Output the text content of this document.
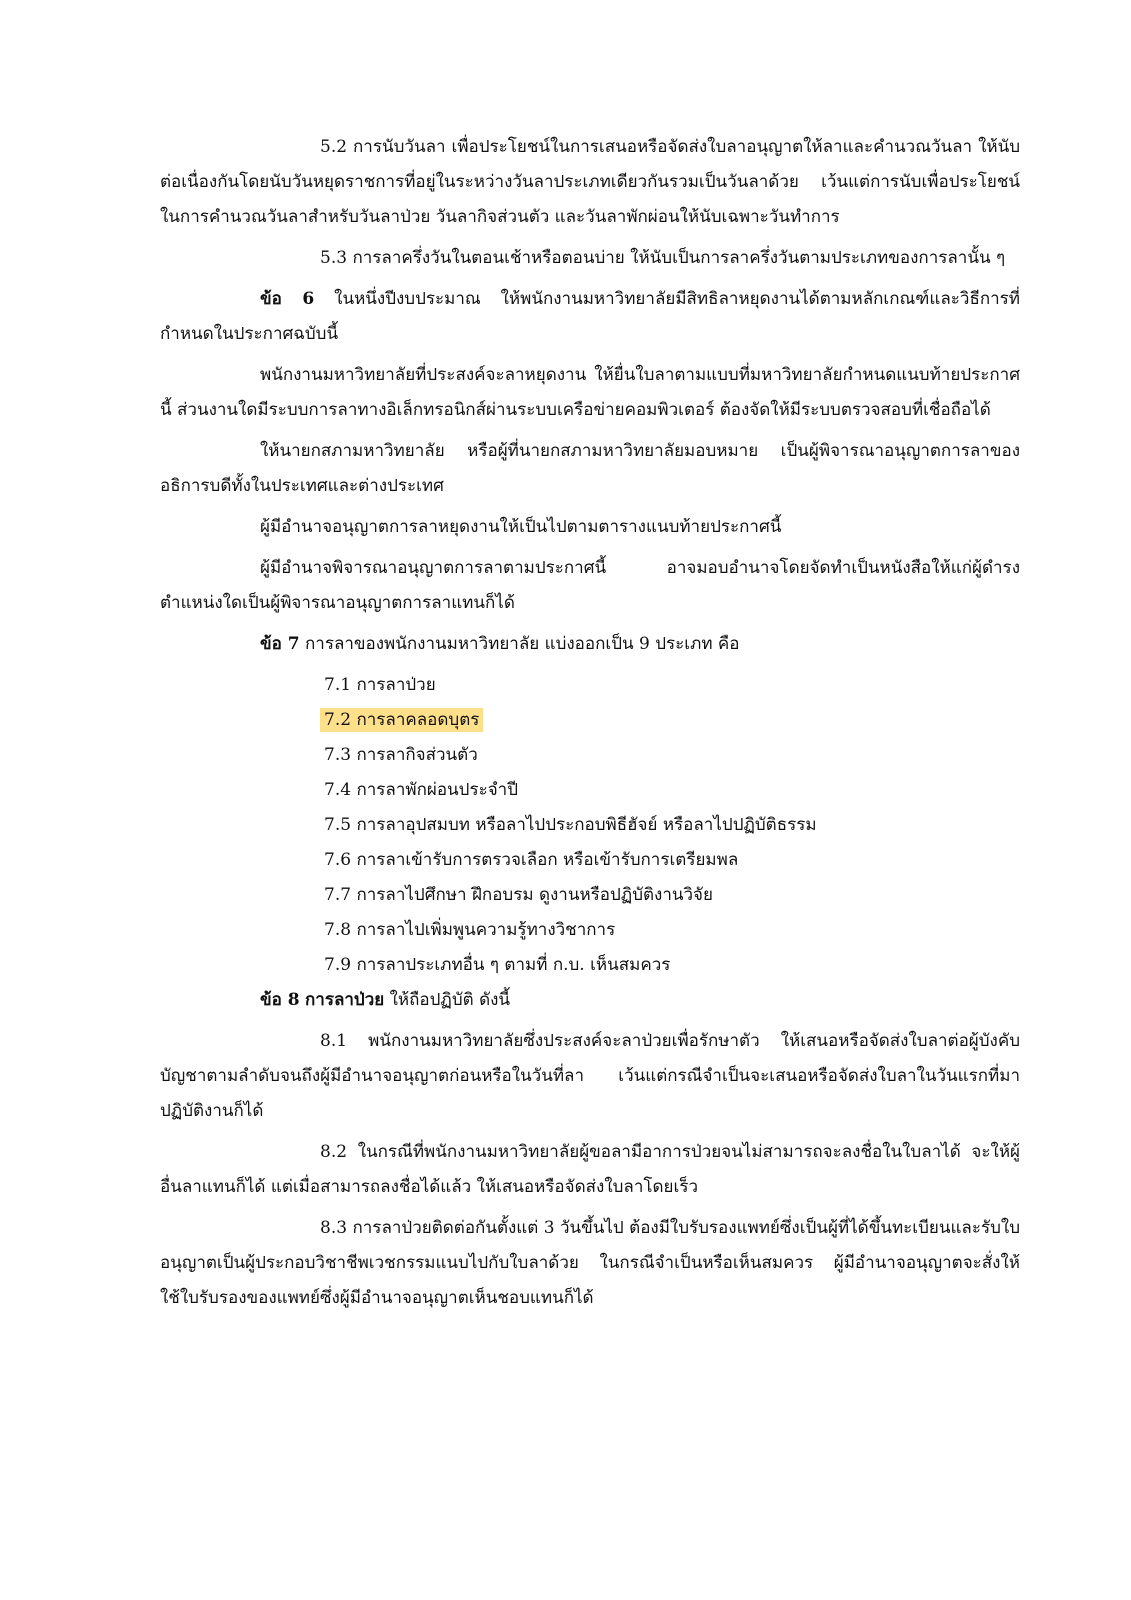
5.2 การนับวันลา เพื่อประโยชน์ในการเสนอหรือจัดส่งใบลาอนุญาตให้ลาและคำนวณวันลา ให้นับต่อเนื่องกันโดยนับวันหยุดราชการที่อยู่ในระหว่างวันลาประเภทเดียวกันรวมเป็นวันลาด้วย เว้นแต่การนับเพื่อประโยชน์ในการคำนวณวันลาสำหรับวันลาป่วย วันลากิจส่วนตัว และวันลาพักผ่อนให้นับเฉพาะวันทำการ

5.3 การลาครึ่งวันในตอนเช้าหรือตอนบ่าย ให้นับเป็นการลาครึ่งวันตามประเภทของการลานั้น ๆ

ข้อ 6 ในหนึ่งปีงบประมาณ ให้พนักงานมหาวิทยาลัยมีสิทธิลาหยุดงานได้ตามหลักเกณฑ์และวิธีการที่กำหนดในประกาศฉบับนี้

พนักงานมหาวิทยาลัยที่ประสงค์จะลาหยุดงาน ให้ยื่นใบลาตามแบบที่มหาวิทยาลัยกำหนดแนบท้ายประกาศนี้ ส่วนงานใดมีระบบการลาทางอิเล็กทรอนิกส์ผ่านระบบเครือข่ายคอมพิวเตอร์ ต้องจัดให้มีระบบตรวจสอบที่เชื่อถือได้

ให้นายกสภามหาวิทยาลัย หรือผู้ที่นายกสภามหาวิทยาลัยมอบหมาย เป็นผู้พิจารณาอนุญาตการลาของอธิการบดีทั้งในประเทศและต่างประเทศ

ผู้มีอำนาจอนุญาตการลาหยุดงานให้เป็นไปตามตารางแนบท้ายประกาศนี้

ผู้มีอำนาจพิจารณาอนุญาตการลาตามประกาศนี้ อาจมอบอำนาจโดยจัดทำเป็นหนังสือให้แก่ผู้ดำรงตำแหน่งใดเป็นผู้พิจารณาอนุญาตการลาแทนก็ได้

ข้อ 7 การลาของพนักงานมหาวิทยาลัย แบ่งออกเป็น 9 ประเภท คือ

7.1 การลาป่วย
7.2 การลาคลอดบุตร
7.3 การลากิจส่วนตัว
7.4 การลาพักผ่อนประจำปี
7.5 การลาอุปสมบท หรือลาไปประกอบพิธีฮัจย์ หรือลาไปปฏิบัติธรรม
7.6 การลาเข้ารับการตรวจเลือก หรือเข้ารับการเตรียมพล
7.7 การลาไปศึกษา ฝึกอบรม ดูงานหรือปฏิบัติงานวิจัย
7.8 การลาไปเพิ่มพูนความรู้ทางวิชาการ
7.9 การลาประเภทอื่น ๆ ตามที่ ก.บ. เห็นสมควร

ข้อ 8 การลาป่วย ให้ถือปฏิบัติ ดังนี้

8.1 พนักงานมหาวิทยาลัยซึ่งประสงค์จะลาป่วยเพื่อรักษาตัว ให้เสนอหรือจัดส่งใบลาต่อผู้บังคับบัญชาตามลำดับจนถึงผู้มีอำนาจอนุญาตก่อนหรือในวันที่ลา เว้นแต่กรณีจำเป็นจะเสนอหรือจัดส่งใบลาในวันแรกที่มาปฏิบัติงานก็ได้

8.2 ในกรณีที่พนักงานมหาวิทยาลัยผู้ขอลามีอาการป่วยจนไม่สามารถจะลงชื่อในใบลาได้ จะให้ผู้อื่นลาแทนก็ได้ แต่เมื่อสามารถลงชื่อได้แล้ว ให้เสนอหรือจัดส่งใบลาโดยเร็ว

8.3 การลาป่วยติดต่อกันตั้งแต่ 3 วันขึ้นไป ต้องมีใบรับรองแพทย์ซึ่งเป็นผู้ที่ได้ขึ้นทะเบียนและรับใบอนุญาตเป็นผู้ประกอบวิชาชีพเวชกรรมแนบไปกับใบลาด้วย ในกรณีจำเป็นหรือเห็นสมควร ผู้มีอำนาจอนุญาตจะสั่งให้ใช้ใบรับรองของแพทย์ซึ่งผู้มีอำนาจอนุญาตเห็นชอบแทนก็ได้
